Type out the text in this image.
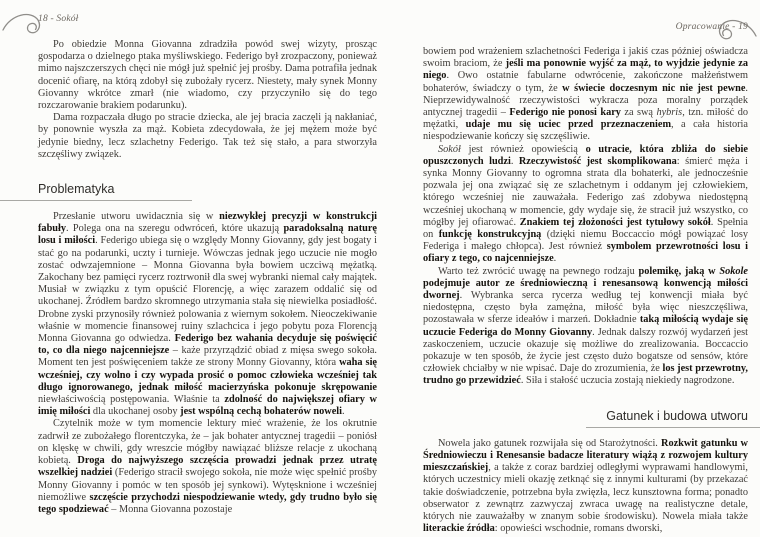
18 - Sokół

Po obiedzie Monna Giovanna zdradziła powód swej wizyty, prosząc gospodarza o dzielnego ptaka myśliwskiego. Federigo był zrozpaczony, ponieważ mimo najszczerszych chęci nie mógł już spełnić jej prośby. Dama potrafiła jednak docenić ofiarę, na którą zdobył się zubożały rycerz. Niestety, mały synek Monny Giovanny wkrótce zmarł (nie wiadomo, czy przyczyniło się do tego rozczarowanie brakiem podarunku).

Dama rozpaczała długo po stracie dziecka, ale jej bracia zaczęli ją nakłaniać, by ponownie wyszła za mąż. Kobieta zdecydowała, że jej mężem może być jedynie biedny, lecz szlachetny Federigo. Tak też się stało, a para stworzyła szczęśliwy związek.

Problematyka

Przesłanie utworu uwidacznia się w niezwykłej precyzji w konstrukcji fabuły. Polega ona na szeregu odwróceń, które ukazują paradoksalną naturę losu i miłości. Federigo ubiega się o względy Monny Giovanny, gdy jest bogaty i stać go na podarunki, uczty i turnieje. Wówczas jednak jego uczucie nie mogło zostać odwzajemnione – Monna Giovanna była bowiem uczciwą mężatką. Zakochany bez pamięci rycerz roztrwonił dla swej wybranki niemal cały majątek. Musiał w związku z tym opuścić Florencję, a więc zarazem oddalić się od ukochanej. Źródłem bardzo skromnego utrzymania stała się niewielka posiadłość. Drobne zyski przynosiły również polowania z wiernym sokołem. Nieoczekiwanie właśnie w momencie finansowej ruiny szlachcica i jego pobytu poza Florencją Monna Giovanna go odwiedza. Federigo bez wahania decyduje się poświęcić to, co dla niego najcenniejsze – każe przyrządzić obiad z mięsa swego sokoła. Moment ten jest poświęceniem także ze strony Monny Giovanny, która waha się wcześniej, czy wolno i czy wypada prosić o pomoc człowieka wcześniej tak długo ignorowanego, jednak miłość macierzyńska pokonuje skrępowanie niewłaściwością postępowania. Właśnie ta zdolność do największej ofiary w imię miłości dla ukochanej osoby jest wspólną cechą bohaterów noweli.

Czytelnik może w tym momencie lektury mieć wrażenie, że los okrutnie zadrwił ze zubożałego florentczyka, że – jak bohater antycznej tragedii – poniósł on klęskę w chwili, gdy wreszcie mógłby nawiązać bliższe relacje z ukochaną kobietą. Droga do najwyższego szczęścia prowadzi jednak przez utratę wszelkiej nadziei (Federigo stracił swojego sokoła, nie może więc spełnić prośby Monny Giovanny i pomóc w ten sposób jej synkowi). Wytęsknione i wcześniej niemożliwe szczęście przychodzi niespodziewanie wtedy, gdy trudno było się tego spodziewać – Monna Giovanna pozostaje

Opracowanie - 19

bowiem pod wrażeniem szlachetności Federiga i jakiś czas później oświadcza swoim braciom, że jeśli ma ponownie wyjść za mąż, to wyjdzie jedynie za niego. Owo ostatnie fabularne odwrócenie, zakończone małżeństwem bohaterów, świadczy o tym, że w świecie doczesnym nic nie jest pewne. Nieprzewidywalność rzeczywistości wykracza poza moralny porządek antycznej tragedii – Federigo nie ponosi kary za swą hybris, tzn. miłość do mężatki, udaje mu się uciec przed przeznaczeniem, a cała historia niespodziewanie kończy się szczęśliwie.

Sokół jest również opowieścią o utracie, która zbliża do siebie opuszczonych ludzi. Rzeczywistość jest skomplikowana: śmierć męża i synka Monny Giovanny to ogromna strata dla bohaterki, ale jednocześnie pozwala jej ona związać się ze szlachetnym i oddanym jej człowiekiem, którego wcześniej nie zauważała. Federigo zaś zdobywa niedostępną wcześniej ukochaną w momencie, gdy wydaje się, że stracił już wszystko, co mógłby jej ofiarować. Znakiem tej złożoności jest tytułowy sokół. Spełnia on funkcję konstrukcyjną (dzięki niemu Boccaccio mógł powiązać losy Federiga i małego chłopca). Jest również symbolem przewrotności losu i ofiary z tego, co najcenniejsze.

Warto też zwrócić uwagę na pewnego rodzaju polemikę, jaką w Sokole podejmuje autor ze średniowieczną i renesansową konwencją miłości dwornej. Wybranka serca rycerza według tej konwencji miała być niedostępna, często była zamężna, miłość była więc nieszczęśliwa, pozostawała w sferze ideałów i marzeń. Dokładnie taką miłością wydaje się uczucie Federiga do Monny Giovanny. Jednak dalszy rozwój wydarzeń jest zaskoczeniem, uczucie okazuje się możliwe do zrealizowania. Boccaccio pokazuje w ten sposób, że życie jest często dużo bogatsze od sensów, które człowiek chciałby w nie wpisać. Daje do zrozumienia, że los jest przewrotny, trudno go przewidzieć. Siła i stałość uczucia zostają niekiedy nagrodzone.

Gatunek i budowa utworu

Nowela jako gatunek rozwijała się od Starożytności. Rozkwit gatunku w Średniowieczu i Renesansie badacze literatury wiążą z rozwojem kultury mieszczańskiej, a także z coraz bardziej odległymi wyprawami handlowymi, których uczestnicy mieli okazję zetknąć się z innymi kulturami (by przekazać takie doświadczenie, potrzebna była zwięzła, lecz kunsztowna forma; ponadto obserwator z zewnątrz zazwyczaj zwraca uwagę na realistyczne detale, których nie zauważałby w znanym sobie środowisku). Nowela miała także literackie źródła: opowieści wschodnie, romans dworski,
